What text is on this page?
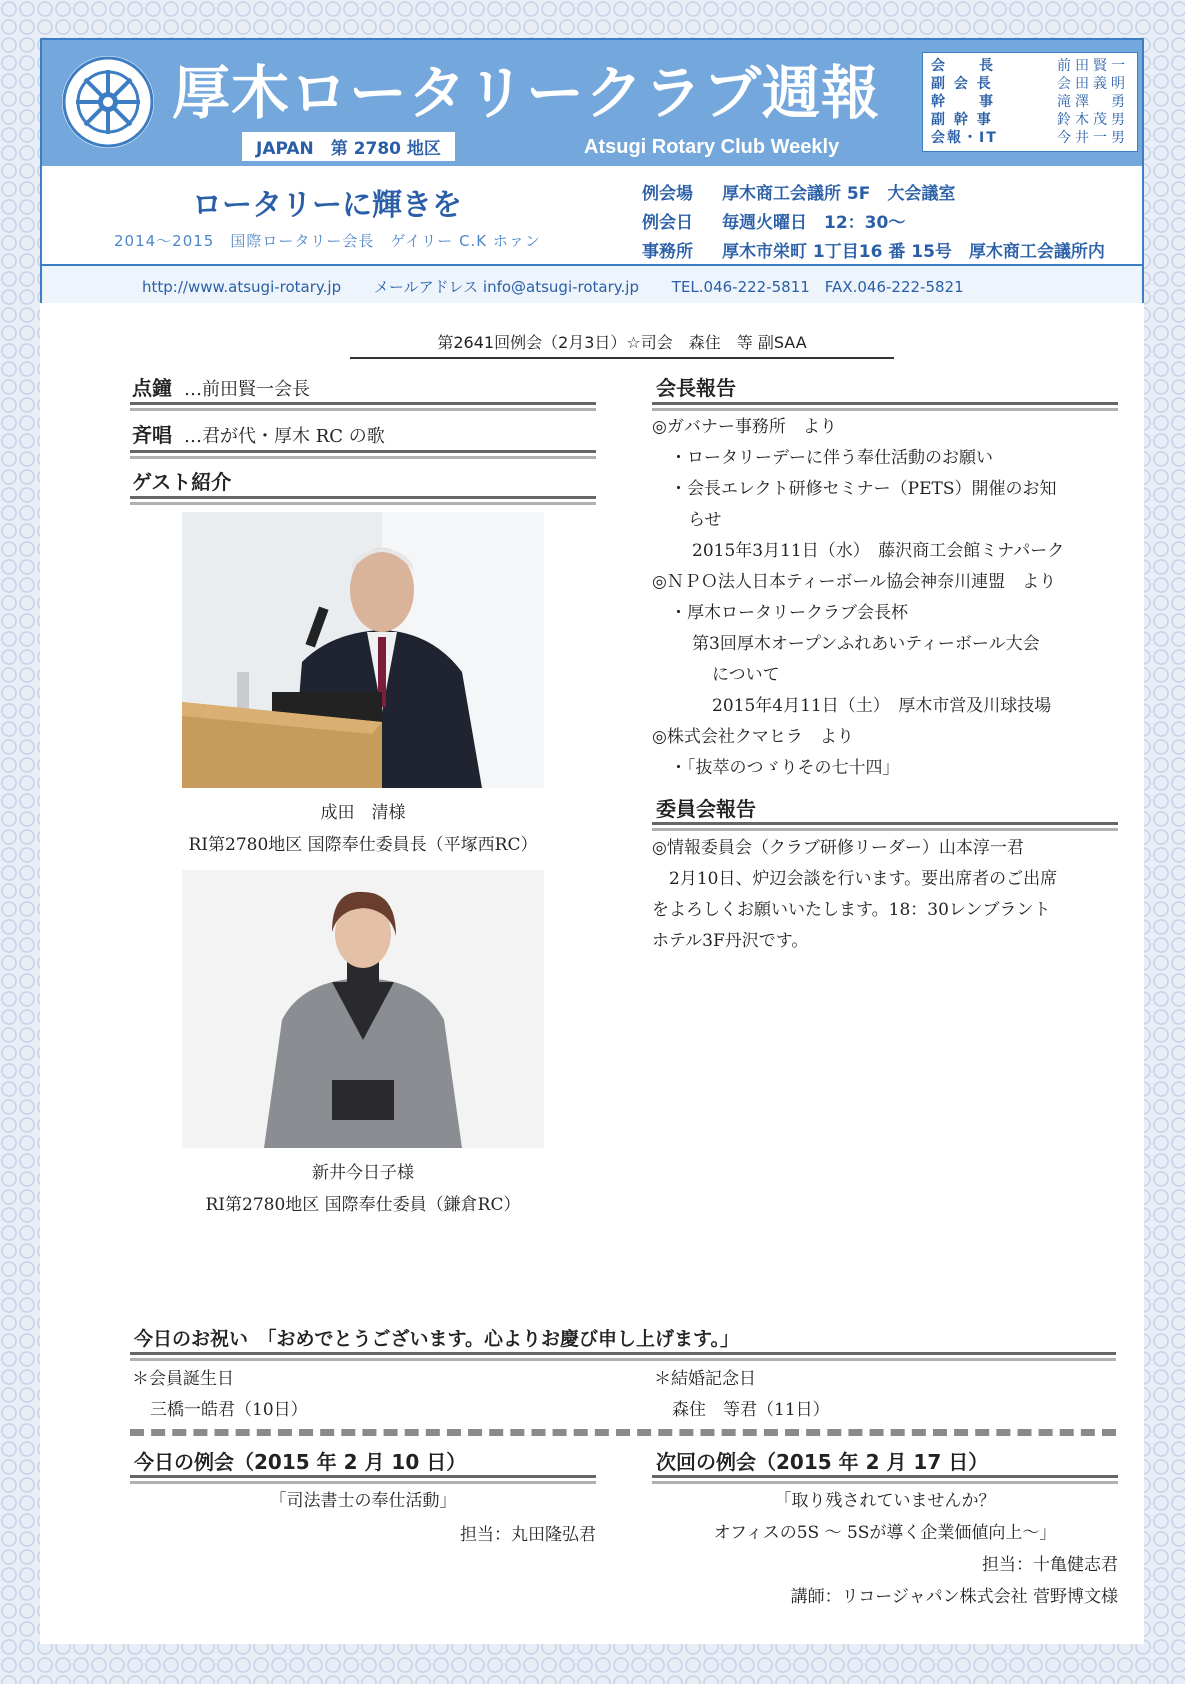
厚木ロータリークラブ週報
JAPAN　第 2780 地区	Atsugi Rotary Club Weekly
会　　長	前田賢一
副 会 長	会田義明
幹　　事	滝澤　勇
副 幹 事	鈴木茂男
会報・IT	今井一男
ロータリーに輝きを
2014～2015　国際ロータリー会長　ゲイリー C.K ホァン
例会場 厚木商工会議所 5F　大会議室
例会日 毎週火曜日　12：30～
事務所 厚木市栄町 1丁目16 番 15号　厚木商工会議所内
http://www.atsugi-rotary.jp メールアドレス info@atsugi-rotary.jp TEL.046-222-5811　FAX.046-222-5821
第2641回例会（2月3日）☆司会　森住　等 副SAA
点鐘 …前田賢一会長
斉唱 …君が代・厚木 RC の歌
ゲスト紹介
成田　清様
RI第2780地区 国際奉仕委員長（平塚西RC）
新井今日子様
RI第2780地区 国際奉仕委員（鎌倉RC）
会長報告
◎ガバナー事務所　より
・ロータリーデーに伴う奉仕活動のお願い
・会長エレクト研修セミナー（PETS）開催のお知
らせ
2015年3月11日（水）　藤沢商工会館ミナパーク
◎ＮＰＯ法人日本ティーボール協会神奈川連盟　より
・厚木ロータリークラブ会長杯
第3回厚木オープンふれあいティーボール大会
について
2015年4月11日（土）　厚木市営及川球技場
◎株式会社クマヒラ　より
・「抜萃のつゞりその七十四」
委員会報告
◎情報委員会（クラブ研修リーダー）山本淳一君
　2月10日、炉辺会談を行います。要出席者のご出席
をよろしくお願いいたします。18：30レンブラント
ホテル3F丹沢です。
今日のお祝い　「おめでとうございます。心よりお慶び申し上げます。」
＊会員誕生日
三橋一皓君（10日）
＊結婚記念日
森住　等君（11日）
今日の例会（2015 年 2 月 10 日）
「司法書士の奉仕活動」
担当：丸田隆弘君
次回の例会（2015 年 2 月 17 日）
「取り残されていませんか？
オフィスの5S ～ 5Sが導く企業価値向上～」
担当：十亀健志君
講師：リコージャパン株式会社 菅野博文様
